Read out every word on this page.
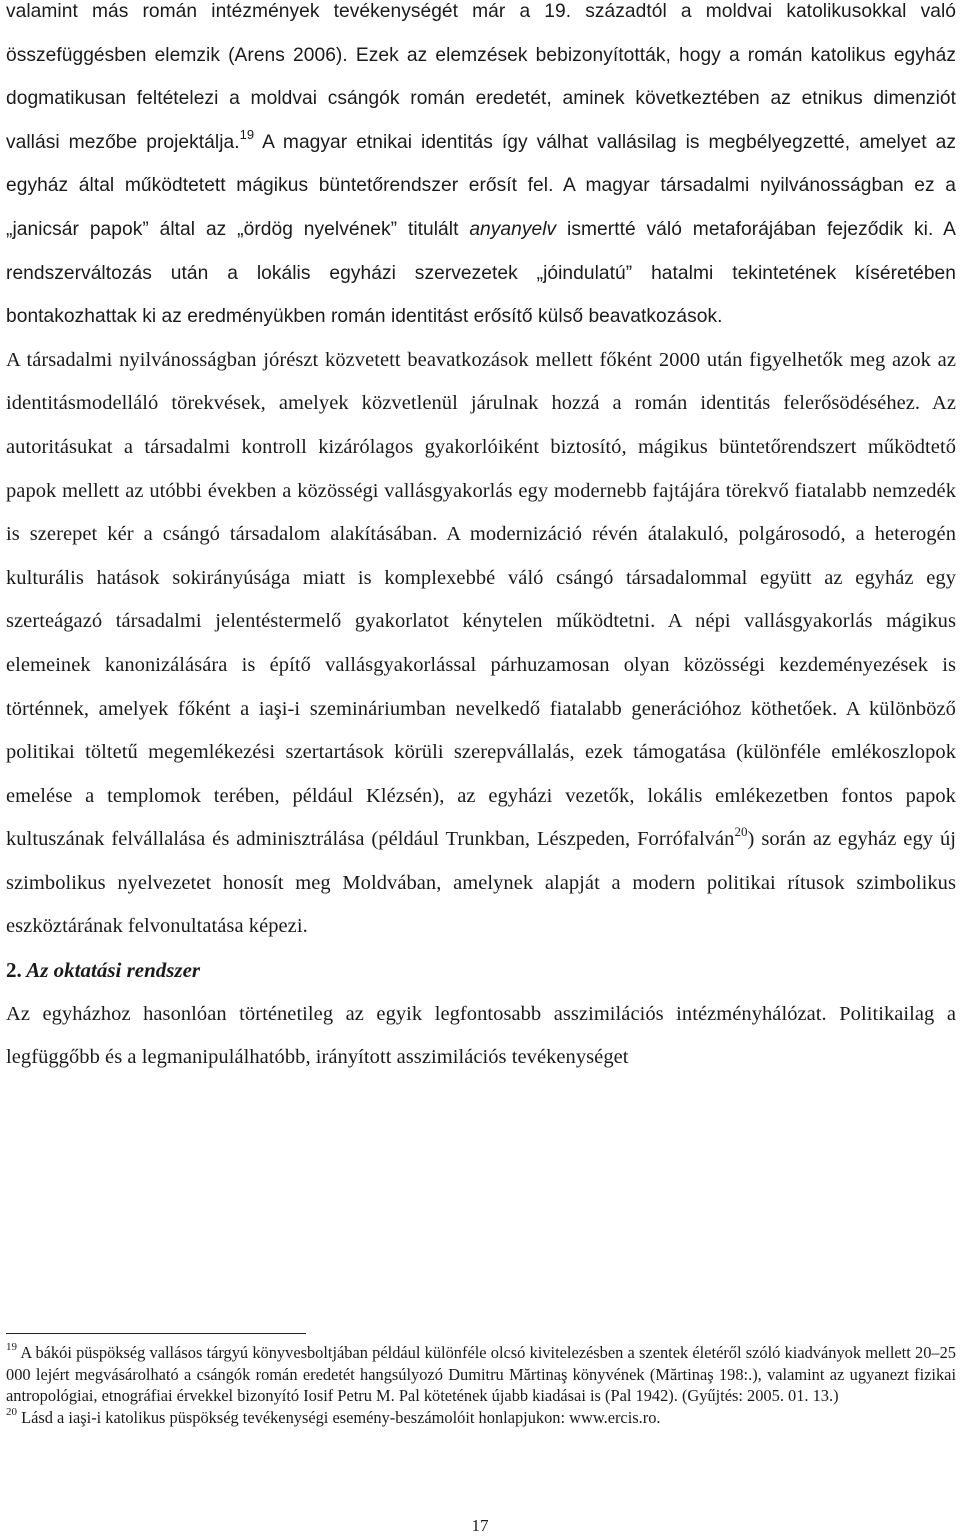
valamint más román intézmények tevékenységét már a 19. századtól a moldvai katolikusokkal való összefüggésben elemzik (Arens 2006). Ezek az elemzések bebizonyították, hogy a román katolikus egyház dogmatikusan feltételezi a moldvai csángók román eredetét, aminek következtében az etnikus dimenziót vallási mezőbe projektálja.$^{19}$ A magyar etnikai identitás így válhat vallásilag is megbélyegzetté, amelyet az egyház által működtetett mágikus büntetőrendszer erősít fel. A magyar társadalmi nyilvánosságban ez a „janicsár papok” által az „ördög nyelvének” titulált anyanyelv ismertté váló metaforájában fejeződik ki. A rendszerváltozás után a lokális egyházi szervezetek „jóindulatú” hatalmi tekintetének kíséretében bontakozhattak ki az eredményükben román identitást erősítő külső beavatkozások.

A társadalmi nyilvánosságban jórészt közvetett beavatkozások mellett főként 2000 után figyelhetők meg azok az identitásmodelláló törekvések, amelyek közvetlenül járulnak hozzá a román identitás felerősödéséhez. Az autoritásukat a társadalmi kontroll kizárólagos gyakorlóiként biztosító, mágikus büntetőrendszert működtető papok mellett az utóbbi években a közösségi vallásgyakorlás egy modernebb fajtájára törekvő fiatalabb nemzedék is szerepet kér a csángó társadalom alakításában. A modernizáció révén átalakuló, polgárosodó, a heterogén kulturális hatások sokirányúsága miatt is komplexebbé váló csángó társadalommal együtt az egyház egy szerteágazó társadalmi jelentéstermelő gyakorlatot kénytelen működtetni. A népi vallásgyakorlás mágikus elemeinek kanonizálására is építő vallásgyakorlással párhuzamosan olyan közösségi kezdeményezések is történnek, amelyek főként a iaşi-i szemináriumban nevelkedő fiatalabb generációhoz köthetőek. A különböző politikai töltetű megemlékezési szertartások körüli szerepvállalás, ezek támogatása (különféle emlékoszlopok emelése a templomok terében, például Klézsén), az egyházi vezetők, lokális emlékezetben fontos papok kultuszának felvállalása és adminisztrálása (például Trunkban, Lészpeden, Forrófalván$^{20}$) során az egyház egy új szimbolikus nyelvezetet honosít meg Moldvában, amelynek alapját a modern politikai rítusok szimbolikus eszköztárának felvonultatása képezi.

2. Az oktatási rendszer

Az egyházhoz hasonlóan történetileg az egyik legfontosabb asszimilációs intézményhálózat. Politikailag a legfüggőbb és a legmanipulálhatóbb, irányított asszimilációs tevékenységet

$^{19}$ A bákói püspökség vallásos tárgyú könyvesboltjában például különféle olcsó kivitelezésben a szentek életéről szóló kiadványok mellett 20–25 000 lejért megvásárolható a csángók román eredetét hangsúlyozó Dumitru Mărtinaş könyvének (Mărtinaş 198:.), valamint az ugyanezt fizikai antropológiai, etnográfiai érvekkel bizonyító Iosif Petru M. Pal kötetének újabb kiadásai is (Pal 1942). (Gyűjtés: 2005. 01. 13.)

$^{20}$ Lásd a iaşi-i katolikus püspökség tevékenységi esemény-beszámolóit honlapjukon: www.ercis.ro.

17
